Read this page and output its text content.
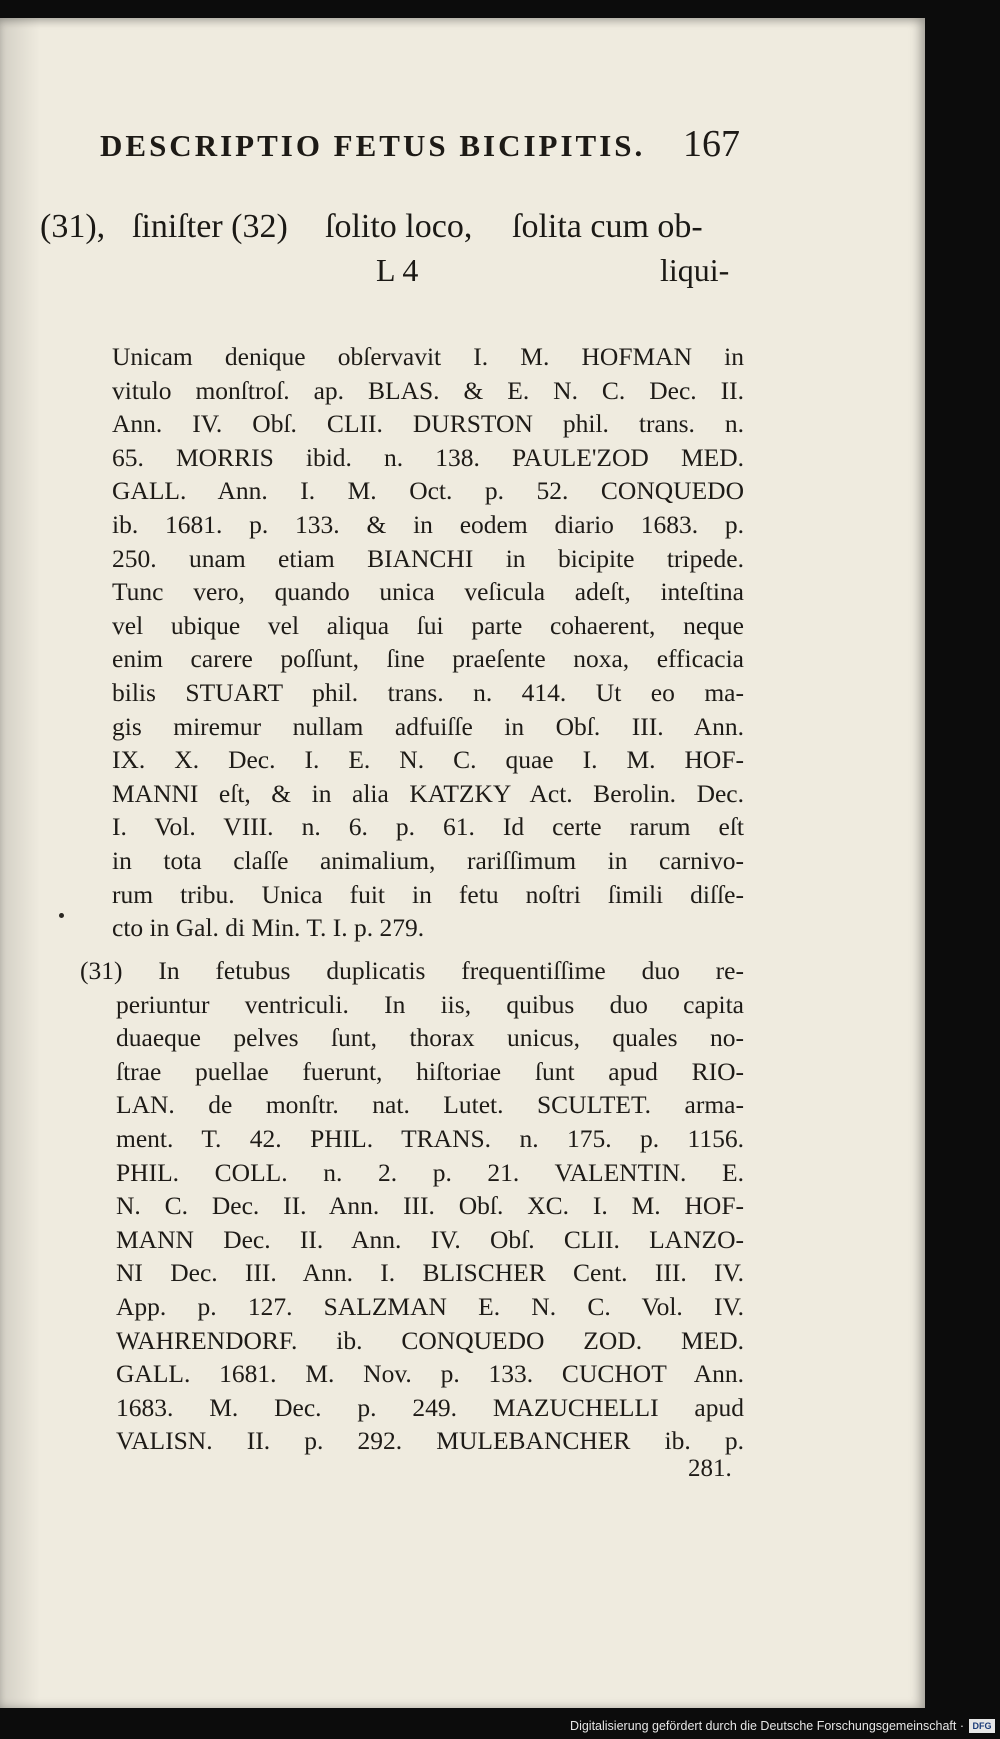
DESCRIPTIO FETUS BICIPITIS. 167
(31), ſiniſter (32) ſolito loco, ſolita cum ob-
L 4	liqui-
Unicam denique obſervavit I. M. HOFMAN in
vitulo monſtroſ. ap. BLAS. & E. N. C. Dec. II.
Ann. IV. Obſ. CLII. DURSTON phil. trans. n.
65. MORRIS ibid. n. 138. PAULE'ZOD MED.
GALL. Ann. I. M. Oct. p. 52. CONQUEDO
ib. 1681. p. 133. & in eodem diario 1683. p.
250. unam etiam BIANCHI in bicipite tripede.
Tunc vero, quando unica veſicula adeſt, inteſtina
vel ubique vel aliqua ſui parte cohaerent, neque
enim carere poſſunt, ſine praeſente noxa, efficacia
bilis STUART phil. trans. n. 414. Ut eo ma-
gis miremur nullam adfuiſſe in Obſ. III. Ann.
IX. X. Dec. I. E. N. C. quae I. M. HOF-
MANNI eſt, & in alia KATZKY Act. Berolin. Dec.
I. Vol. VIII. n. 6. p. 61. Id certe rarum eſt
in tota claſſe animalium, rariſſimum in carnivo-
rum tribu. Unica fuit in fetu noſtri ſimili diſſe-
cto in Gal. di Min. T. I. p. 279.
(31) In fetubus duplicatis frequentiſſime duo re-
periuntur ventriculi. In iis, quibus duo capita
duaeque pelves ſunt, thorax unicus, quales no-
ſtrae puellae fuerunt, hiſtoriae ſunt apud RIO-
LAN. de monſtr. nat. Lutet. SCULTET. arma-
ment. T. 42. PHIL. TRANS. n. 175. p. 1156.
PHIL. COLL. n. 2. p. 21. VALENTIN. E.
N. C. Dec. II. Ann. III. Obſ. XC. I. M. HOF-
MANN Dec. II. Ann. IV. Obſ. CLII. LANZO-
NI Dec. III. Ann. I. BLISCHER Cent. III. IV.
App. p. 127. SALZMAN E. N. C. Vol. IV.
WAHRENDORF. ib. CONQUEDO ZOD. MED.
GALL. 1681. M. Nov. p. 133. CUCHOT Ann.
1683. M. Dec. p. 249. MAZUCHELLI apud
VALISN. II. p. 292. MULEBANCHER ib. p.
281.
Digitalisierung gefördert durch die Deutsche Forschungsgemeinschaft · DFG
